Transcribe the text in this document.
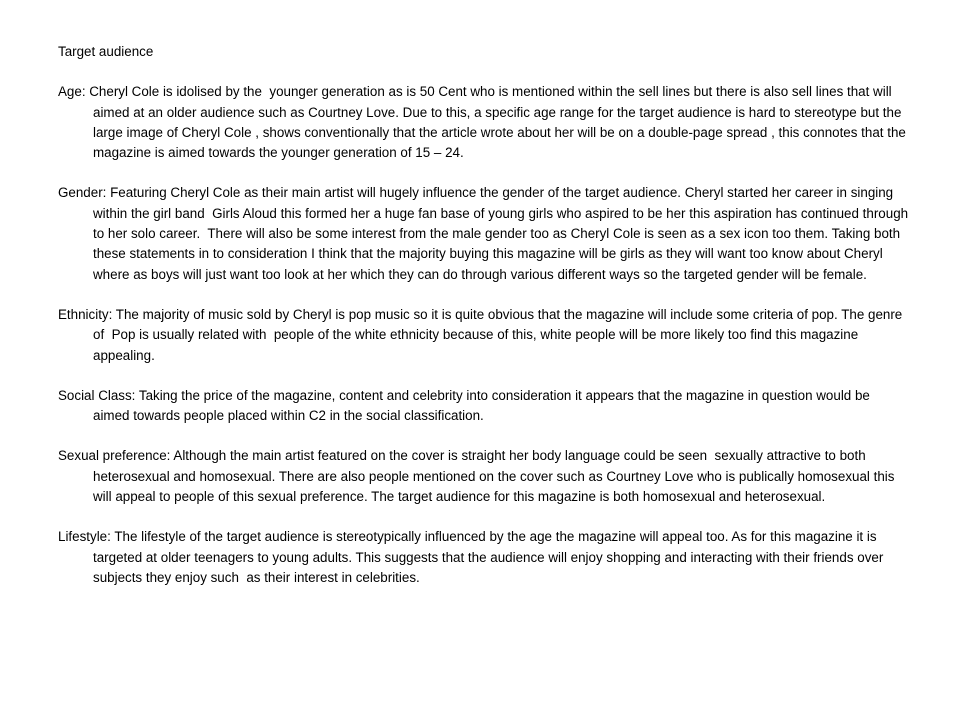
Target audience

Age: Cheryl Cole is idolised by the  younger generation as is 50 Cent who is mentioned within the sell lines but there is also sell lines that will aimed at an older audience such as Courtney Love. Due to this, a specific age range for the target audience is hard to stereotype but the large image of Cheryl Cole , shows conventionally that the article wrote about her will be on a double-page spread , this connotes that the magazine is aimed towards the younger generation of 15 – 24.

Gender: Featuring Cheryl Cole as their main artist will hugely influence the gender of the target audience. Cheryl started her career in singing within the girl band  Girls Aloud this formed her a huge fan base of young girls who aspired to be her this aspiration has continued through to her solo career.  There will also be some interest from the male gender too as Cheryl Cole is seen as a sex icon too them. Taking both these statements in to consideration I think that the majority buying this magazine will be girls as they will want too know about Cheryl where as boys will just want too look at her which they can do through various different ways so the targeted gender will be female.

Ethnicity: The majority of music sold by Cheryl is pop music so it is quite obvious that the magazine will include some criteria of pop. The genre of  Pop is usually related with  people of the white ethnicity because of this, white people will be more likely too find this magazine appealing.

Social Class: Taking the price of the magazine, content and celebrity into consideration it appears that the magazine in question would be aimed towards people placed within C2 in the social classification.

Sexual preference: Although the main artist featured on the cover is straight her body language could be seen  sexually attractive to both heterosexual and homosexual. There are also people mentioned on the cover such as Courtney Love who is publically homosexual this will appeal to people of this sexual preference. The target audience for this magazine is both homosexual and heterosexual.

Lifestyle: The lifestyle of the target audience is stereotypically influenced by the age the magazine will appeal too. As for this magazine it is targeted at older teenagers to young adults. This suggests that the audience will enjoy shopping and interacting with their friends over subjects they enjoy such  as their interest in celebrities.
